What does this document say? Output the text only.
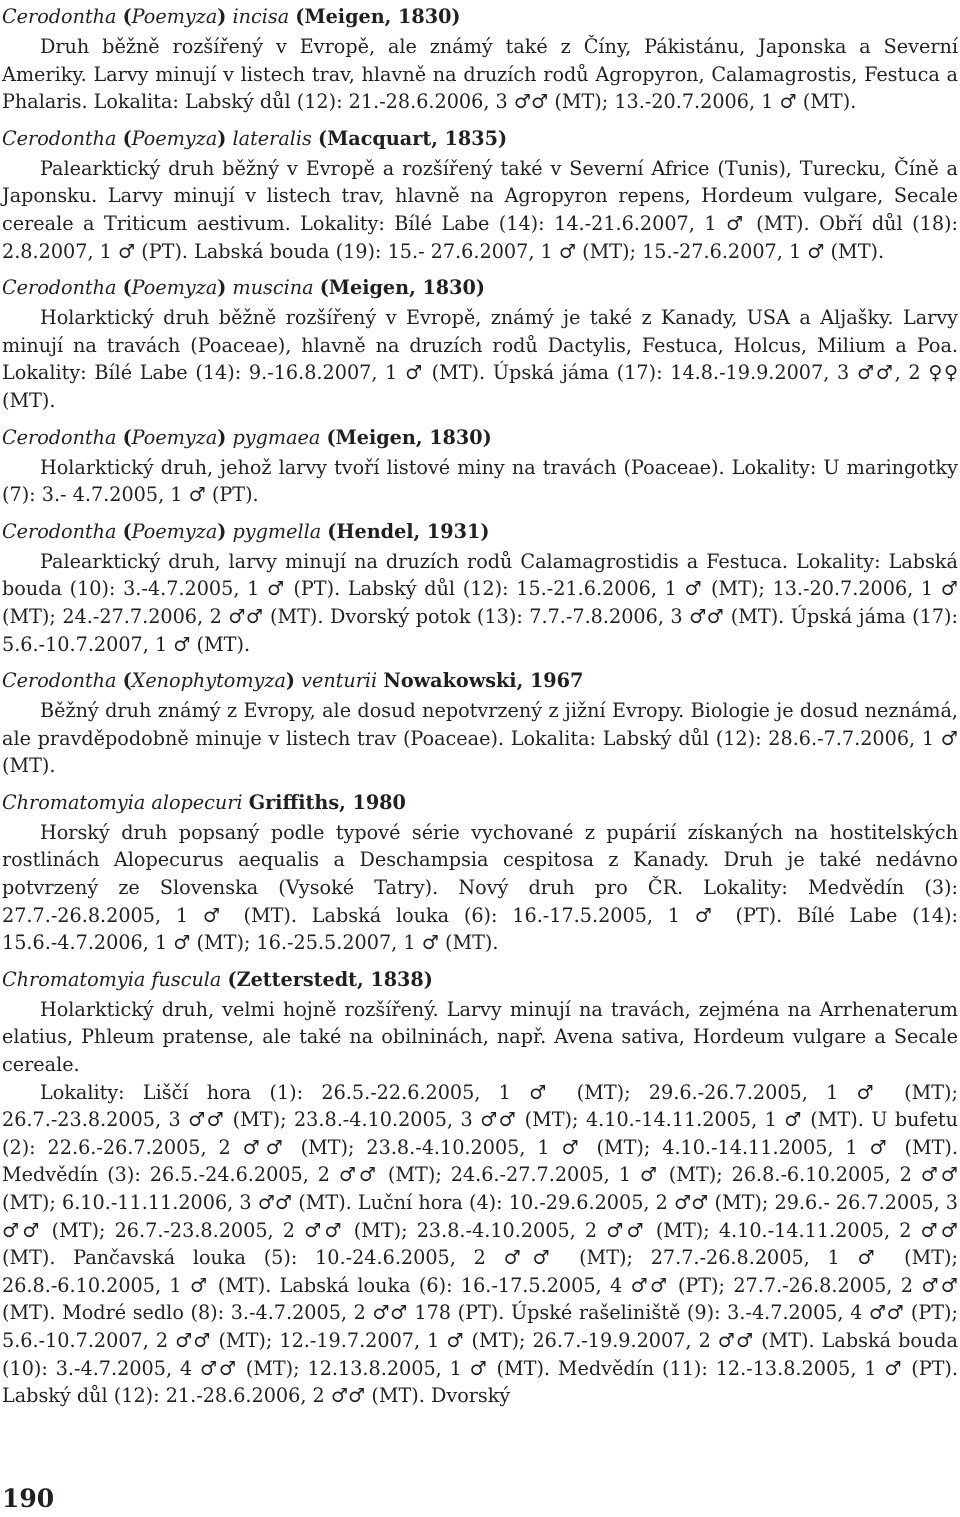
Cerodontha (Poemyza) incisa (Meigen, 1830)

Druh běžně rozšířený v Evropě, ale známý také z Číny, Pákistánu, Japonska a Severní Ameriky. Larvy minují v listech trav, hlavně na druzích rodů Agropyron, Calamagrostis, Festuca a Phalaris. Lokalita: Labský důl (12): 21.-28.6.2006, 3 ♂♂ (MT); 13.-20.7.2006, 1 ♂ (MT).

Cerodontha (Poemyza) lateralis (Macquart, 1835)

Palearktický druh běžný v Evropě a rozšířený také v Severní Africe (Tunis), Turecku, Číně a Japonsku. Larvy minují v listech trav, hlavně na Agropyron repens, Hordeum vulgare, Secale cereale a Triticum aestivum. Lokality: Bílé Labe (14): 14.-21.6.2007, 1 ♂ (MT). Obří důl (18): 2.8.2007, 1 ♂ (PT). Labská bouda (19): 15.- 27.6.2007, 1 ♂ (MT); 15.-27.6.2007, 1 ♂ (MT).

Cerodontha (Poemyza) muscina (Meigen, 1830)

Holarktický druh běžně rozšířený v Evropě, známý je také z Kanady, USA a Aljašky. Larvy minují na travách (Poaceae), hlavně na druzích rodů Dactylis, Festuca, Holcus, Milium a Poa. Lokality: Bílé Labe (14): 9.-16.8.2007, 1 ♂ (MT). Úpská jáma (17): 14.8.-19.9.2007, 3 ♂♂, 2 ♀♀ (MT).

Cerodontha (Poemyza) pygmaea (Meigen, 1830)

Holarktický druh, jehož larvy tvoří listové miny na travách (Poaceae). Lokality: U maringotky (7): 3.- 4.7.2005, 1 ♂ (PT).

Cerodontha (Poemyza) pygmella (Hendel, 1931)

Palearktický druh, larvy minují na druzích rodů Calamagrostidis a Festuca. Lokality: Labská bouda (10): 3.-4.7.2005, 1 ♂ (PT). Labský důl (12): 15.-21.6.2006, 1 ♂ (MT); 13.-20.7.2006, 1 ♂ (MT); 24.-27.7.2006, 2 ♂♂ (MT). Dvorský potok (13): 7.7.-7.8.2006, 3 ♂♂ (MT). Úpská jáma (17): 5.6.-10.7.2007, 1 ♂ (MT).

Cerodontha (Xenophytomyza) venturii Nowakowski, 1967

Běžný druh známý z Evropy, ale dosud nepotvrzený z jižní Evropy. Biologie je dosud neznámá, ale pravděpodobně minuje v listech trav (Poaceae). Lokalita: Labský důl (12): 28.6.-7.7.2006, 1 ♂ (MT).

Chromatomyia alopecuri Griffiths, 1980

Horský druh popsaný podle typové série vychované z pupárií získaných na hostitelských rostlinách Alopecurus aequalis a Deschampsia cespitosa z Kanady. Druh je také nedávno potvrzený ze Slovenska (Vysoké Tatry). Nový druh pro ČR. Lokality: Medvědín (3): 27.7.-26.8.2005, 1 ♂ (MT). Labská louka (6): 16.-17.5.2005, 1 ♂ (PT). Bílé Labe (14): 15.6.-4.7.2006, 1 ♂ (MT); 16.-25.5.2007, 1 ♂ (MT).

Chromatomyia fuscula (Zetterstedt, 1838)

Holarktický druh, velmi hojně rozšířený. Larvy minují na travách, zejména na Arrhenaterum elatius, Phleum pratense, ale také na obilninách, např. Avena sativa, Hordeum vulgare a Secale cereale.

Lokality: Liščí hora (1): 26.5.-22.6.2005, 1 ♂ (MT); 29.6.-26.7.2005, 1 ♂ (MT); 26.7.-23.8.2005, 3 ♂♂ (MT); 23.8.-4.10.2005, 3 ♂♂ (MT); 4.10.-14.11.2005, 1 ♂ (MT). U bufetu (2): 22.6.-26.7.2005, 2 ♂♂ (MT); 23.8.-4.10.2005, 1 ♂ (MT); 4.10.-14.11.2005, 1 ♂ (MT). Medvědín (3): 26.5.-24.6.2005, 2 ♂♂ (MT); 24.6.-27.7.2005, 1 ♂ (MT); 26.8.-6.10.2005, 2 ♂♂ (MT); 6.10.-11.11.2006, 3 ♂♂ (MT). Luční hora (4): 10.-29.6.2005, 2 ♂♂ (MT); 29.6.- 26.7.2005, 3 ♂♂ (MT); 26.7.-23.8.2005, 2 ♂♂ (MT); 23.8.-4.10.2005, 2 ♂♂ (MT); 4.10.-14.11.2005, 2 ♂♂ (MT). Pančavská louka (5): 10.-24.6.2005, 2 ♂♂ (MT); 27.7.-26.8.2005, 1 ♂ (MT); 26.8.-6.10.2005, 1 ♂ (MT). Labská louka (6): 16.-17.5.2005, 4 ♂♂ (PT); 27.7.-26.8.2005, 2 ♂♂ (MT). Modré sedlo (8): 3.-4.7.2005, 2 ♂♂ 178 (PT). Úpské rašeliniště (9): 3.-4.7.2005, 4 ♂♂ (PT); 5.6.-10.7.2007, 2 ♂♂ (MT); 12.-19.7.2007, 1 ♂ (MT); 26.7.-19.9.2007, 2 ♂♂ (MT). Labská bouda (10): 3.-4.7.2005, 4 ♂♂ (MT); 12.13.8.2005, 1 ♂ (MT). Medvědín (11): 12.-13.8.2005, 1 ♂ (PT). Labský důl (12): 21.-28.6.2006, 2 ♂♂ (MT). Dvorský

190
